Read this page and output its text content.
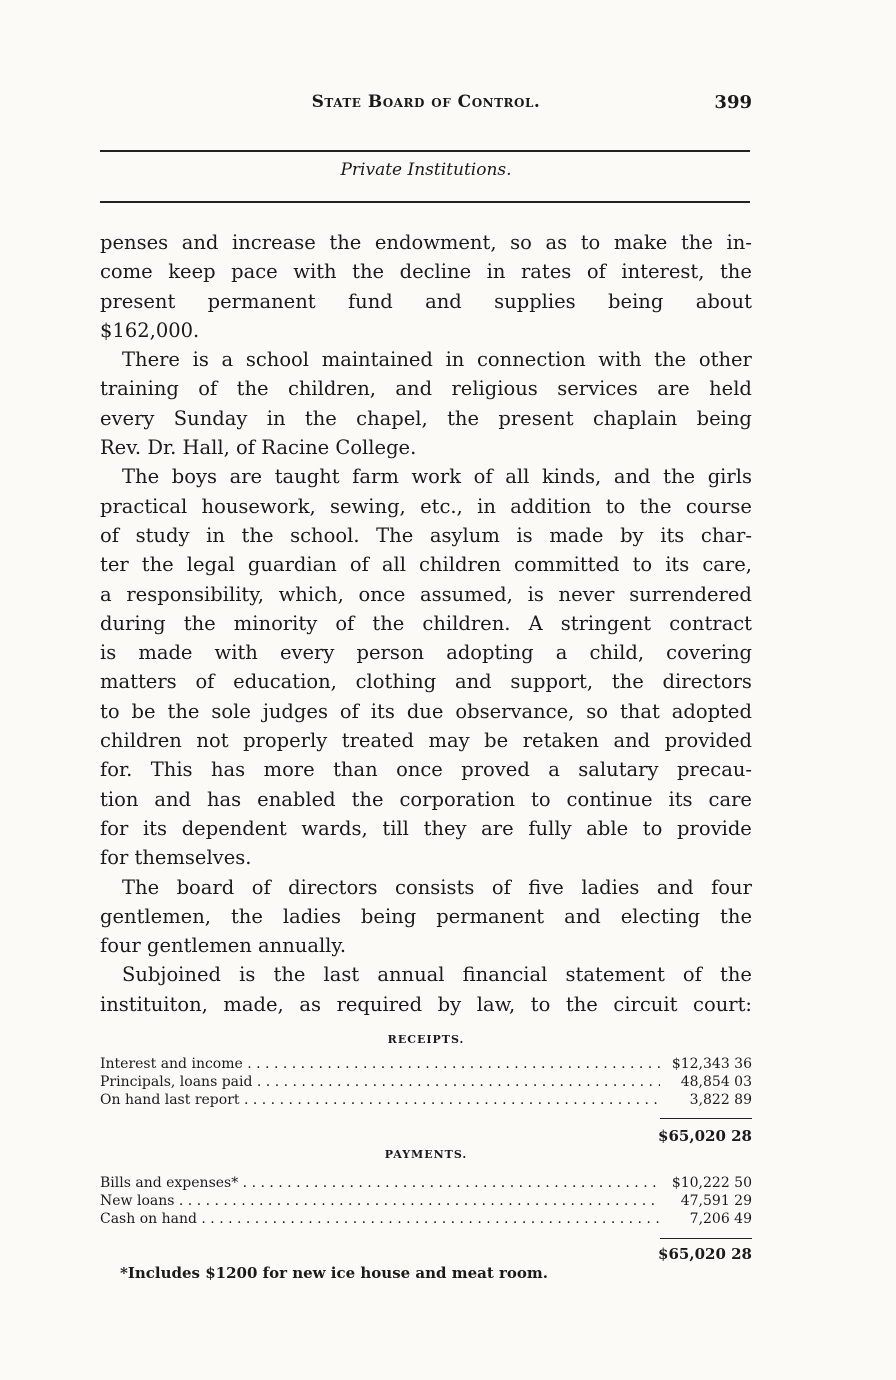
State Board of Control.	399
Private Institutions.
penses and increase the endowment, so as to make the in-
come keep pace with the decline in rates of interest, the
present permanent fund and supplies being about
$162,000.
There is a school maintained in connection with the other
training of the children, and religious services are held
every Sunday in the chapel, the present chaplain being
Rev. Dr. Hall, of Racine College.
The boys are taught farm work of all kinds, and the girls
practical housework, sewing, etc., in addition to the course
of study in the school. The asylum is made by its char-
ter the legal guardian of all children committed to its care,
a responsibility, which, once assumed, is never surrendered
during the minority of the children. A stringent contract
is made with every person adopting a child, covering
matters of education, clothing and support, the directors
to be the sole judges of its due observance, so that adopted
children not properly treated may be retaken and provided
for. This has more than once proved a salutary precau-
tion and has enabled the corporation to continue its care
for its dependent wards, till they are fully able to provide
for themselves.
The board of directors consists of five ladies and four
gentlemen, the ladies being permanent and electing the
four gentlemen annually.
Subjoined is the last annual financial statement of the
instituiton, made, as required by law, to the circuit court:
RECEIPTS.
Interest and income . . .	$12,343 36
Principals, loans paid . . .	48,854 03
On hand last report . . .	3,822 89
$65,020 28
PAYMENTS.
Bills and expenses* . . .	$10,222 50
New loans . . .	47,591 29
Cash on hand . . .	7,206 49
$65,020 28
*Includes $1200 for new ice house and meat room.
